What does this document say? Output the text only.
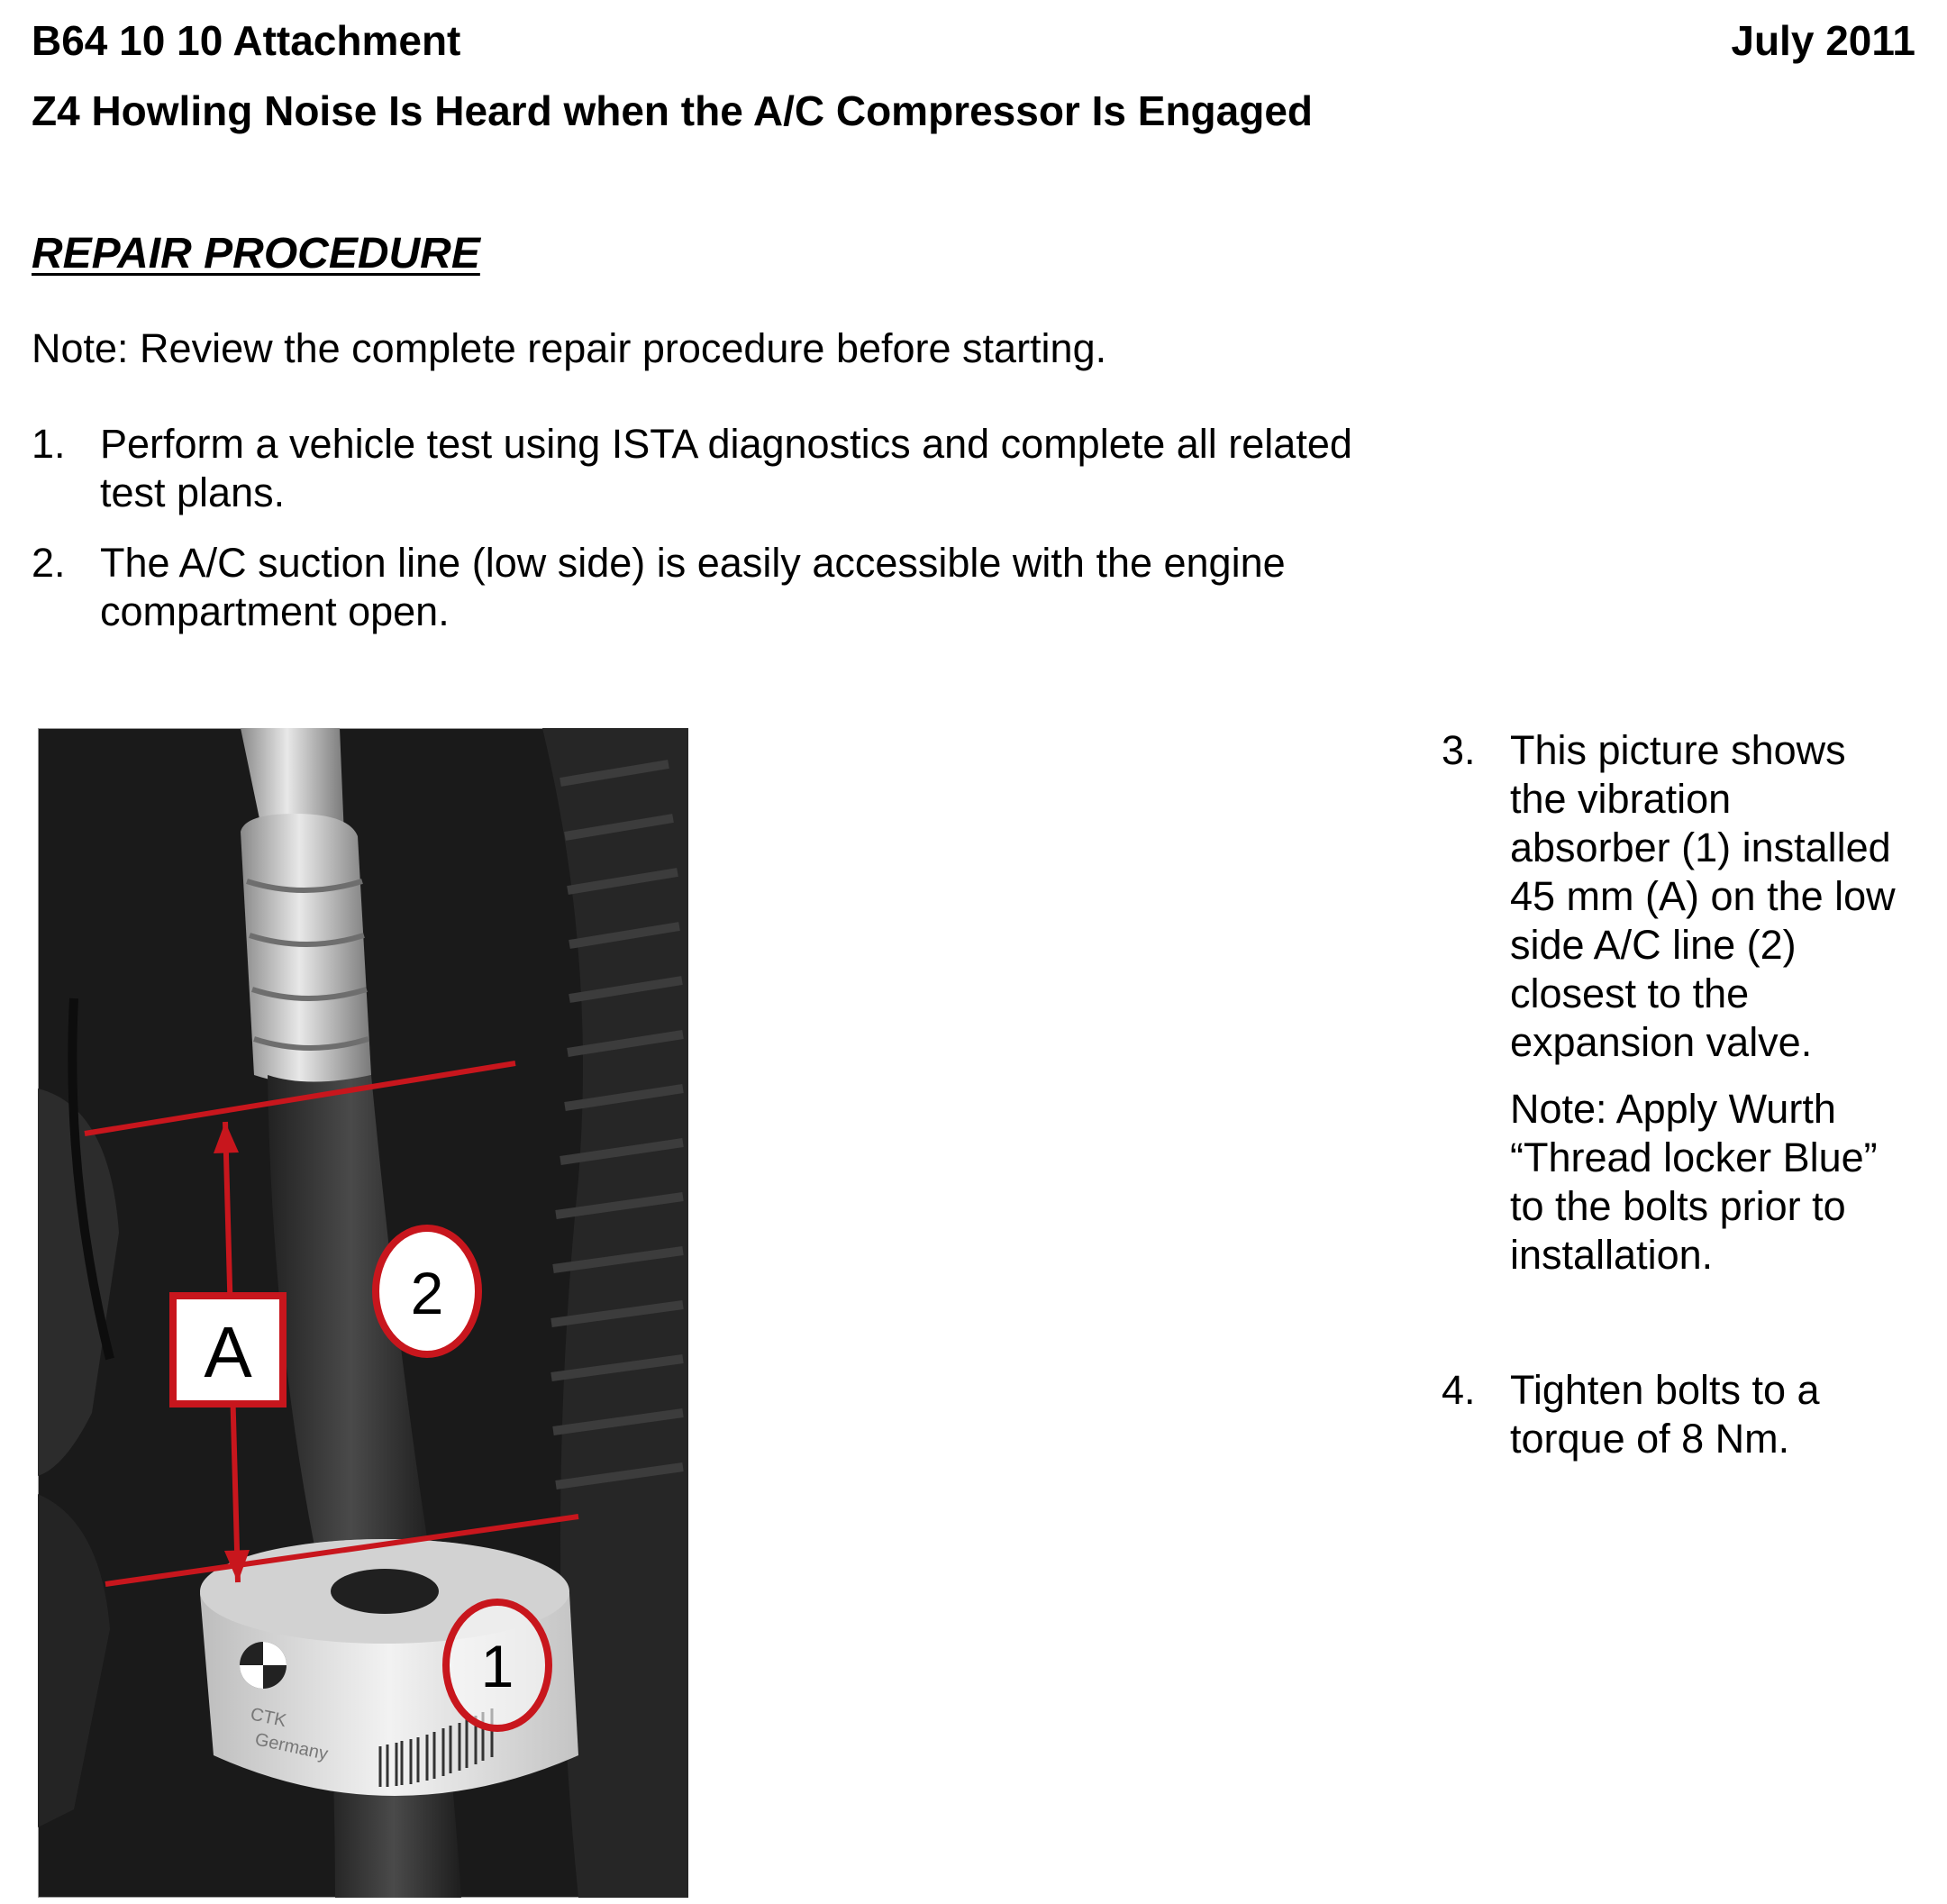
B64 10 10 Attachment	July 2011
Z4 Howling Noise Is Heard when the A/C Compressor Is Engaged
REPAIR PROCEDURE
Note: Review the complete repair procedure before starting.
1. Perform a vehicle test using ISTA diagnostics and complete all related
test plans.
2. The A/C suction line (low side) is easily accessible with the engine
compartment open.
3. This picture shows
the vibration
absorber (1) installed
45 mm (A) on the low
side A/C line (2)
closest to the
expansion valve.
Note: Apply Wurth
“Thread locker Blue”
to the bolts prior to
installation.
4. Tighten bolts to a
torque of 8 Nm.
CTK
Germany
A
2
1
